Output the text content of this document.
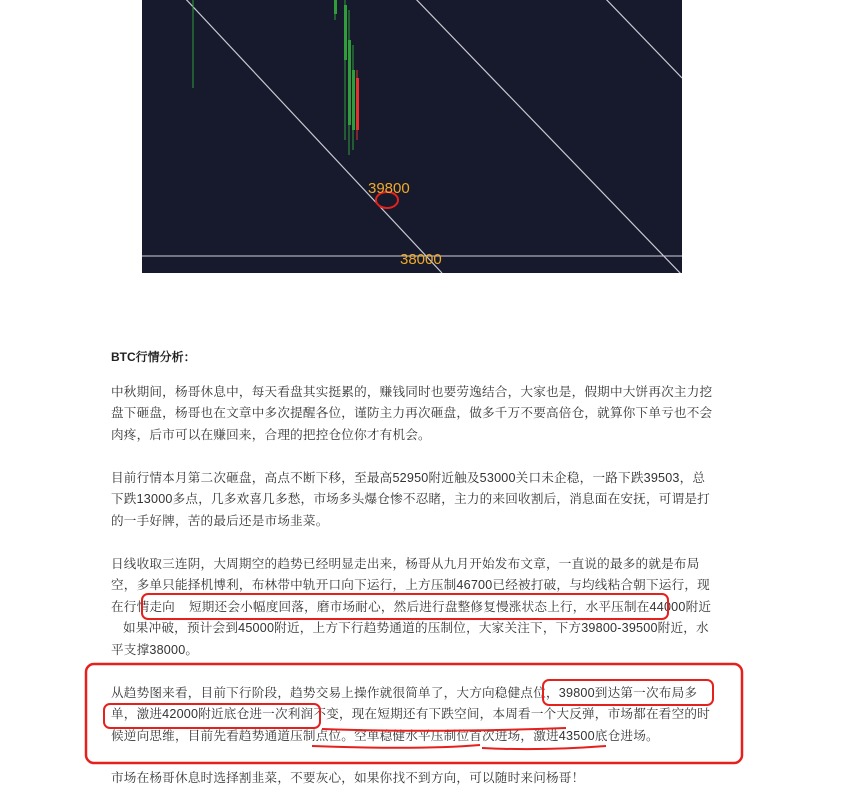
39800
38000
BTC行情分析：
中秋期间，杨哥休息中，每天看盘其实挺累的，赚钱同时也要劳逸结合，大家也是，假期中大饼再次主力挖盘下砸盘，杨哥也在文章中多次提醒各位，谨防主力再次砸盘，做多千万不要高倍仓，就算你下单亏也不会肉疼，后市可以在赚回来，合理的把控仓位你才有机会。
目前行情本月第二次砸盘，高点不断下移，至最高52950附近触及53000关口未企稳，一路下跌39503，总下跌13000多点，几多欢喜几多愁，市场多头爆仓惨不忍睹，主力的来回收割后，消息面在安抚，可谓是打的一手好牌，苦的最后还是市场韭菜。
日线收取三连阴，大周期空的趋势已经明显走出来，杨哥从九月开始发布文章，一直说的最多的就是布局空，多单只能择机博利，布林带中轨开口向下运行，上方压制46700已经被打破，与均线粘合朝下运行，现在行情走向 短期还会小幅度回落，磨市场耐心，然后进行盘整修复慢涨状态上行，水平压制在44000附近如果冲破，预计会到45000附近，上方下行趋势通道的压制位，大家关注下，下方39800-39500附近，水平支撑38000。
从趋势图来看，目前下行阶段，趋势交易上操作就很简单了，大方向稳健点位，39800到达第一次布局多单，激进42000附近底仓进一次利润不变，现在短期还有下跌空间，本周看一个大反弹，市场都在看空的时候逆向思维，目前先看趋势通道压制点位。空单稳健水平压制位首次进场，激进43500底仓进场。
市场在杨哥休息时选择割韭菜，不要灰心，如果你找不到方向，可以随时来问杨哥！
